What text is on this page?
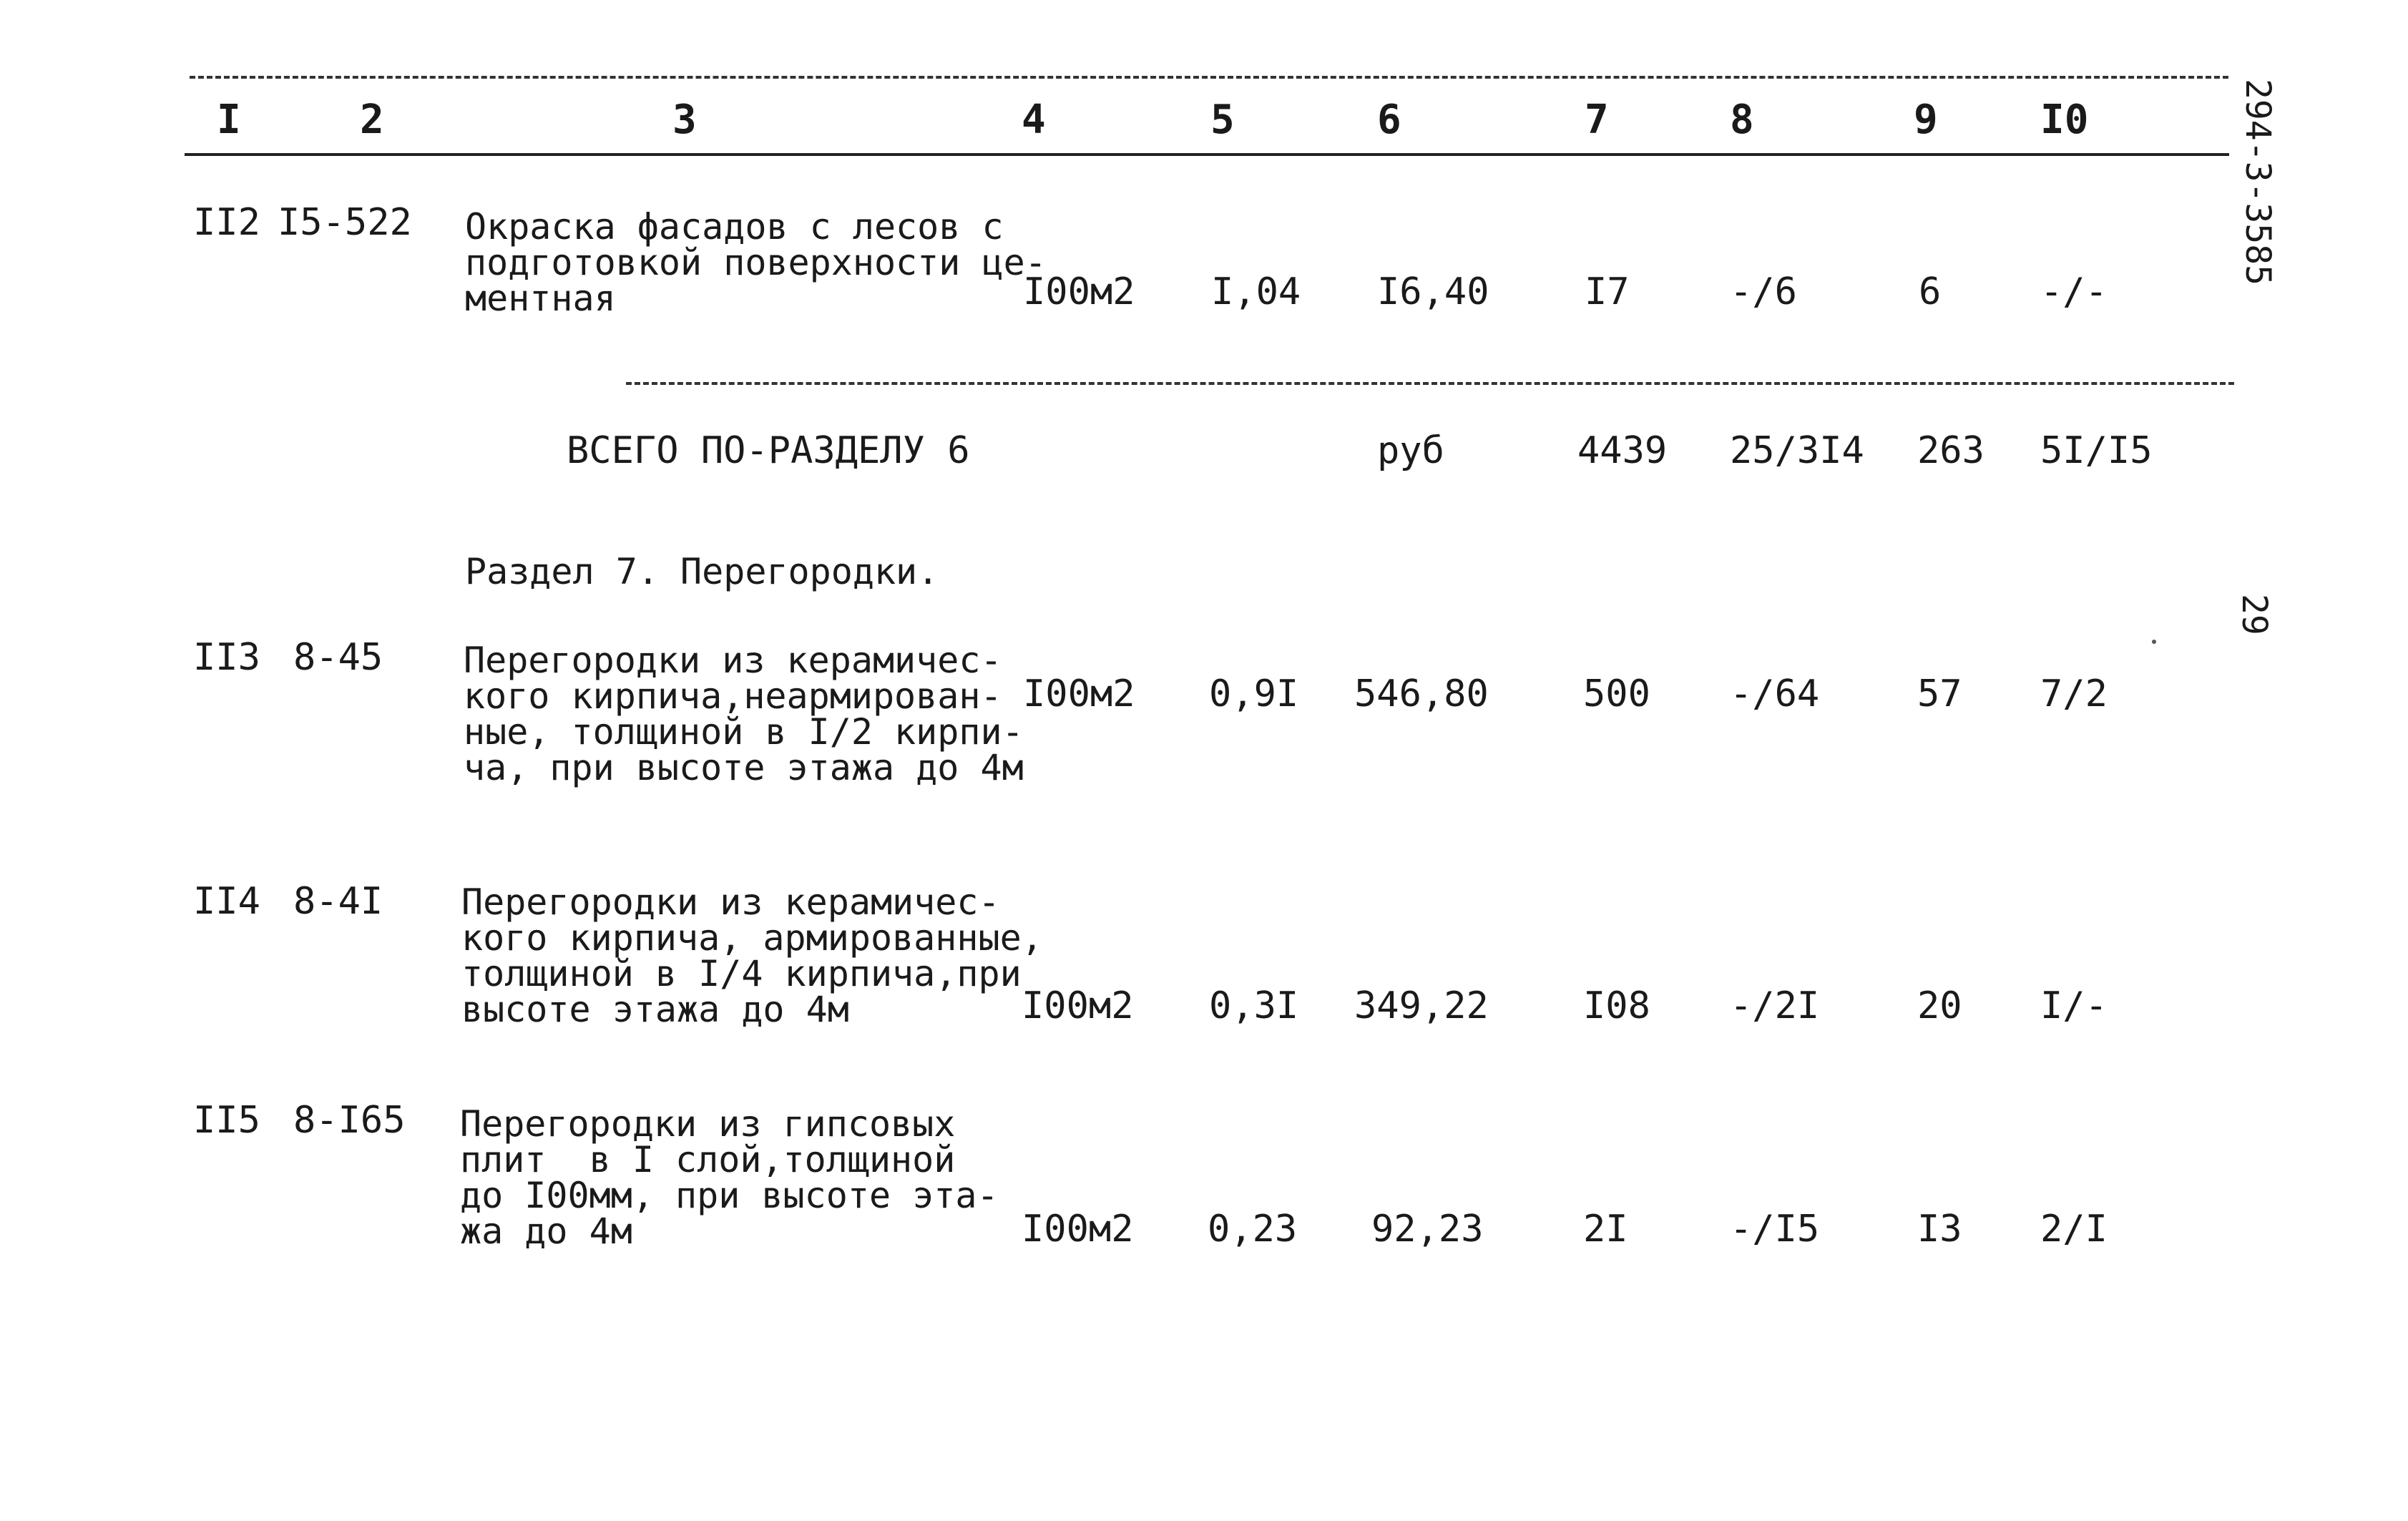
I	2	3	4	5	6	7	8	9	I0
II2 I5-522 Окраска фасадов с лесов с
подготовкой поверхности це-
ментная	I00м2 I,04 I6,40	I7	-/6	6	-/-
ВСЕГО ПО-РАЗДЕЛУ 6	руб	4439 25/3I4 263 5I/I5
Раздел 7. Перегородки.
II3 8-45 Перегородки из керамичес-
кого кирпича,неармирован-
ные, толщиной в I/2 кирпи-
ча, при высоте этажа до 4м
I00м2 0,9I 546,80	500 -/64	57 7/2
II4 8-4I Перегородки из керамичес-
кого кирпича, армированные,
толщиной в I/4 кирпича,при
высоте этажа до 4м	I00м2 0,3I 349,22	I08 -/2I	20 I/-
II5 8-I65 Перегородки из гипсовых
плит  в I слой,толщиной
до I00мм, при высоте эта-
жа до 4м	I00м2 0,23 92,23	2I	-/I5	I3 2/I
294-3-3585
29
